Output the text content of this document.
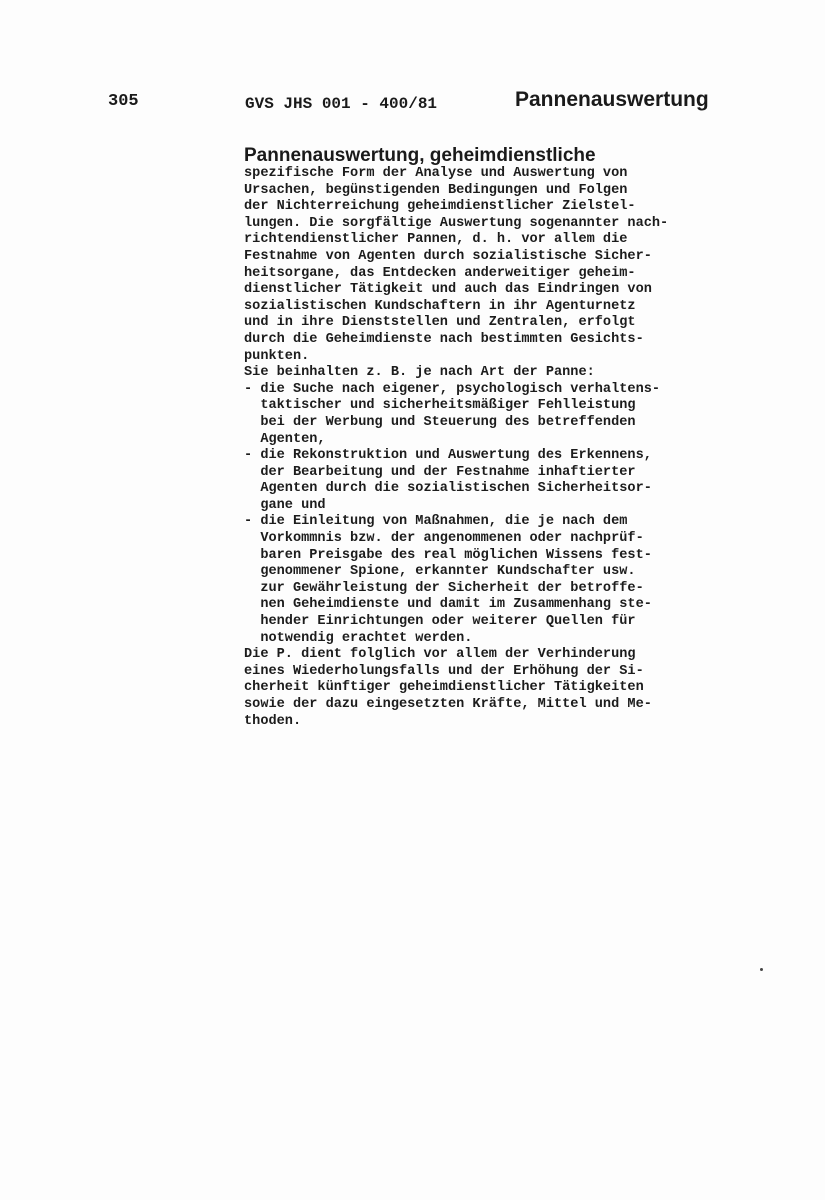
305	GVS JHS 001 - 400/81	Pannenauswertung
Pannenauswertung, geheimdienstliche
spezifische Form der Analyse und Auswertung von
Ursachen, begünstigenden Bedingungen und Folgen
der Nichterreichung geheimdienstlicher Zielstel-
lungen. Die sorgfältige Auswertung sogenannter nach-
richtendienstlicher Pannen, d. h. vor allem die
Festnahme von Agenten durch sozialistische Sicher-
heitsorgane, das Entdecken anderweitiger geheim-
dienstlicher Tätigkeit und auch das Eindringen von
sozialistischen Kundschaftern in ihr Agenturnetz
und in ihre Dienststellen und Zentralen, erfolgt
durch die Geheimdienste nach bestimmten Gesichts-
punkten.
Sie beinhalten z. B. je nach Art der Panne:
- die Suche nach eigener, psychologisch verhaltens-
taktischer und sicherheitsmäßiger Fehlleistung
bei der Werbung und Steuerung des betreffenden
Agenten,
- die Rekonstruktion und Auswertung des Erkennens,
der Bearbeitung und der Festnahme inhaftierter
Agenten durch die sozialistischen Sicherheitsor-
gane und
- die Einleitung von Maßnahmen, die je nach dem
Vorkommnis bzw. der angenommenen oder nachprüf-
baren Preisgabe des real möglichen Wissens fest-
genommener Spione, erkannter Kundschafter usw.
zur Gewährleistung der Sicherheit der betroffe-
nen Geheimdienste und damit im Zusammenhang ste-
hender Einrichtungen oder weiterer Quellen für
notwendig erachtet werden.
Die P. dient folglich vor allem der Verhinderung
eines Wiederholungsfalls und der Erhöhung der Si-
cherheit künftiger geheimdienstlicher Tätigkeiten
sowie der dazu eingesetzten Kräfte, Mittel und Me-
thoden.
